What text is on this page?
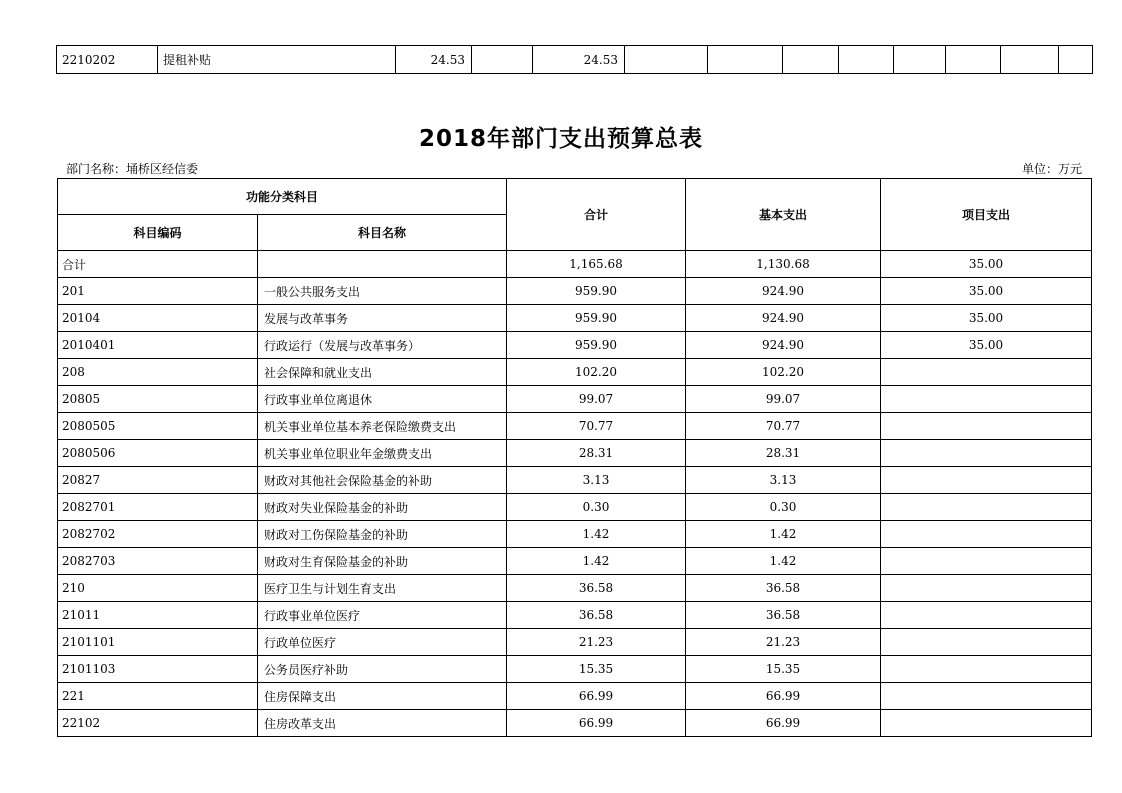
2210202	提租补贴	24.53		24.53								
2018年部门支出预算总表
部门名称：埇桥区经信委	单位：万元
功能分类科目		合计	基本支出	项目支出
科目编码	科目名称			
合计		1,165.68	1,130.68	35.00
201	一般公共服务支出	959.90	924.90	35.00
20104	发展与改革事务	959.90	924.90	35.00
2010401	行政运行（发展与改革事务）	959.90	924.90	35.00
208	社会保障和就业支出	102.20	102.20	
20805	行政事业单位离退休	99.07	99.07	
2080505	机关事业单位基本养老保险缴费支出	70.77	70.77	
2080506	机关事业单位职业年金缴费支出	28.31	28.31	
20827	财政对其他社会保险基金的补助	3.13	3.13	
2082701	财政对失业保险基金的补助	0.30	0.30	
2082702	财政对工伤保险基金的补助	1.42	1.42	
2082703	财政对生育保险基金的补助	1.42	1.42	
210	医疗卫生与计划生育支出	36.58	36.58	
21011	行政事业单位医疗	36.58	36.58	
2101101	行政单位医疗	21.23	21.23	
2101103	公务员医疗补助	15.35	15.35	
221	住房保障支出	66.99	66.99	
22102	住房改革支出	66.99	66.99	
